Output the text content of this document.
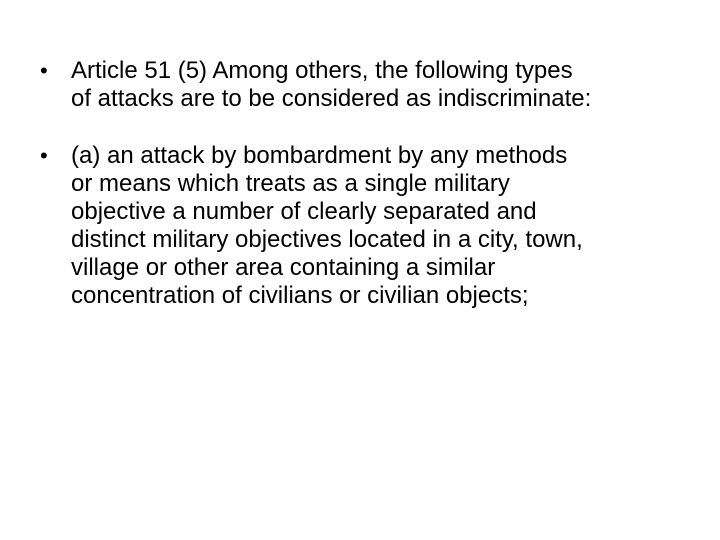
• Article 51 (5) Among others, the following types
of attacks are to be considered as indiscriminate:
• (a) an attack by bombardment by any methods
or means which treats as a single military
objective a number of clearly separated and
distinct military objectives located in a city, town,
village or other area containing a similar
concentration of civilians or civilian objects;
